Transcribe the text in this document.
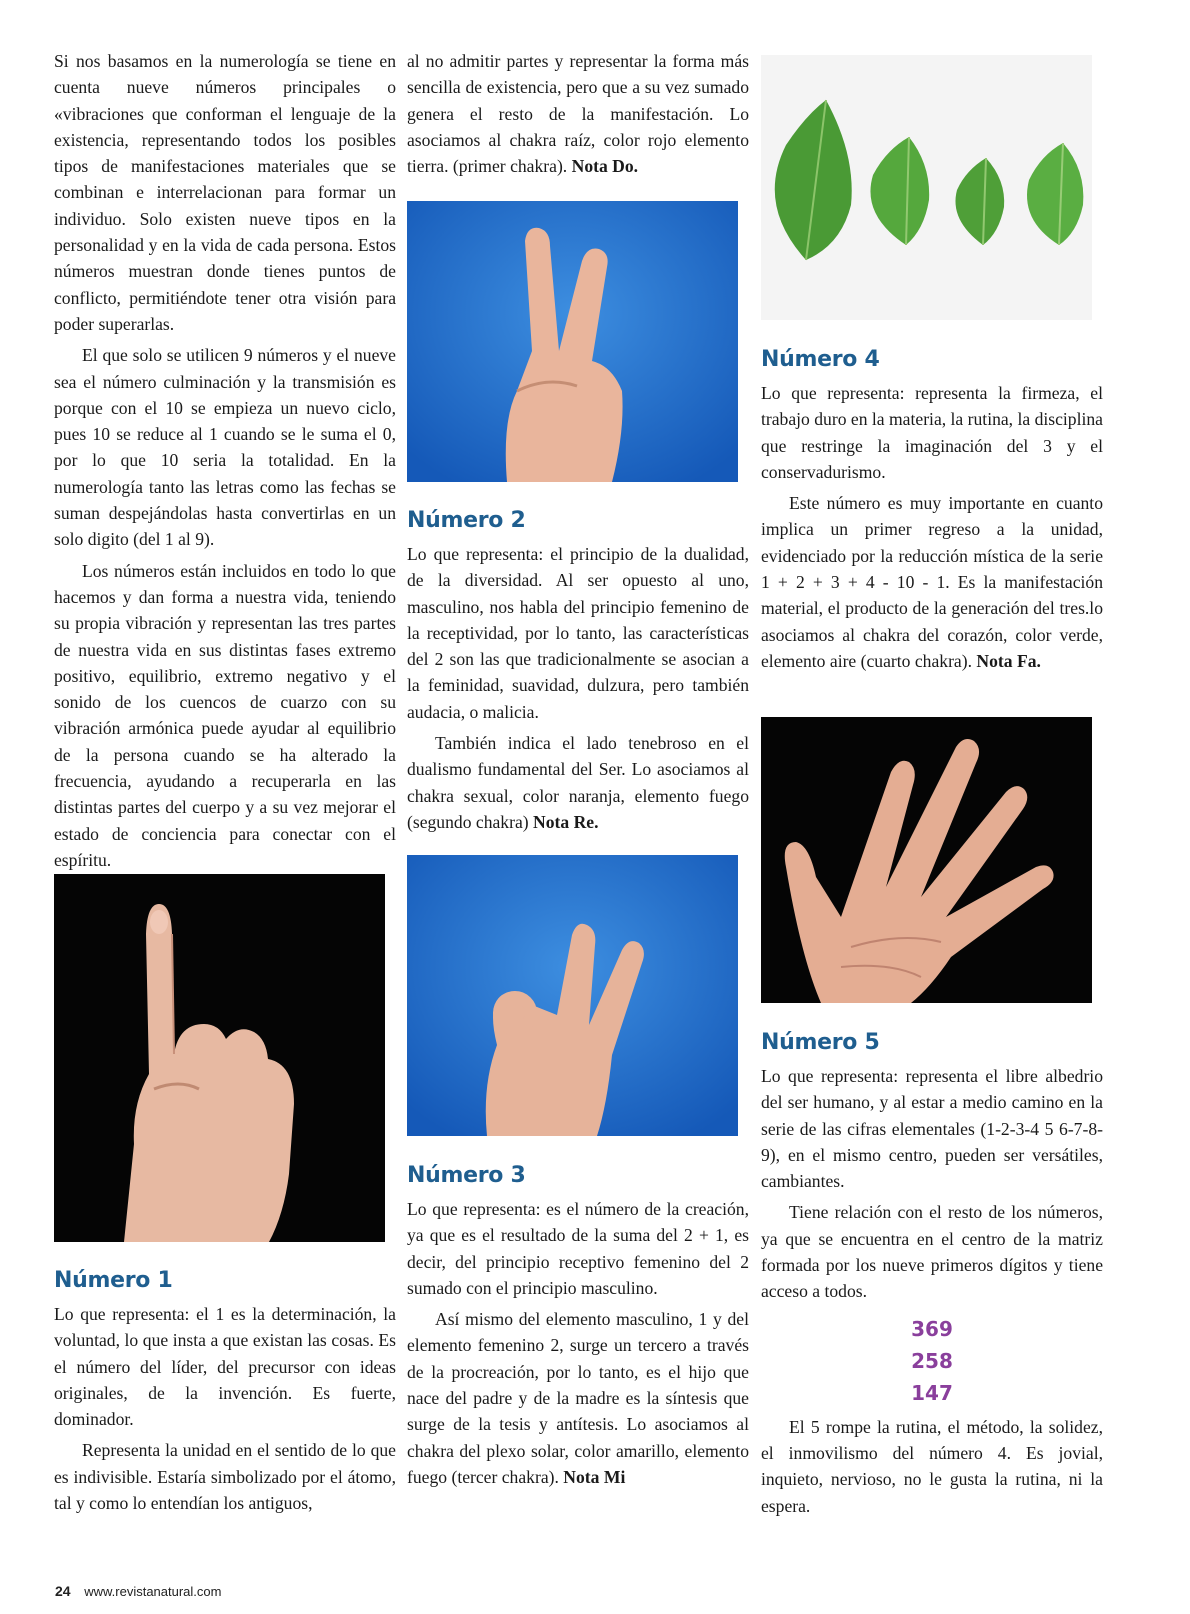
Si nos basamos en la numerología se tiene en cuenta nueve números principales o «vibraciones que conforman el lenguaje de la existencia, representando todos los posibles tipos de manifestaciones materiales que se combinan e interrelacionan para formar un individuo. Solo existen nueve tipos en la personalidad y en la vida de cada persona. Estos números muestran donde tienes puntos de conflicto, permitiéndote tener otra visión para poder superarlas.

El que solo se utilicen 9 números y el nueve sea el número culminación y la transmisión es porque con el 10 se empieza un nuevo ciclo, pues 10 se reduce al 1 cuando se le suma el 0, por lo que 10 seria la totalidad. En la numerología tanto las letras como las fechas se suman despejándolas hasta convertirlas en un solo digito (del 1 al 9).

Los números están incluidos en todo lo que hacemos y dan forma a nuestra vida, teniendo su propia vibración y representan las tres partes de nuestra vida en sus distintas fases extremo positivo, equilibrio, extremo negativo y el sonido de los cuencos de cuarzo con su vibración armónica puede ayudar al equilibrio de la persona cuando se ha alterado la frecuencia, ayudando a recuperarla en las distintas partes del cuerpo y a su vez mejorar el estado de conciencia para conectar con el espíritu.

Número 1

Lo que representa: el 1 es la determinación, la voluntad, lo que insta a que existan las cosas. Es el número del líder, del precursor con ideas originales, de la invención. Es fuerte, dominador.

Representa la unidad en el sentido de lo que es indivisible. Estaría simbolizado por el átomo, tal y como lo entendían los antiguos,

al no admitir partes y representar la forma más sencilla de existencia, pero que a su vez sumado genera el resto de la manifestación. Lo asociamos al chakra raíz, color rojo elemento tierra. (primer chakra). Nota Do.

Número 2

Lo que representa: el principio de la dualidad, de la diversidad. Al ser opuesto al uno, masculino, nos habla del principio femenino de la receptividad, por lo tanto, las características del 2 son las que tradicionalmente se asocian a la feminidad, suavidad, dulzura, pero también audacia, o malicia.

También indica el lado tenebroso en el dualismo fundamental del Ser. Lo asociamos al chakra sexual, color naranja, elemento fuego (segundo chakra) Nota Re.

Número 3

Lo que representa: es el número de la creación, ya que es el resultado de la suma del 2 + 1, es decir, del principio receptivo femenino del 2 sumado con el principio masculino.

Así mismo del elemento masculino, 1 y del elemento femenino 2, surge un tercero a través de la procreación, por lo tanto, es el hijo que nace del padre y de la madre es la síntesis que surge de la tesis y antítesis. Lo asociamos al chakra del plexo solar, color amarillo, elemento fuego (tercer chakra). Nota Mi

Número 4

Lo que representa: representa la firmeza, el trabajo duro en la materia, la rutina, la disciplina que restringe la imaginación del 3 y el conservadurismo.

Este número es muy importante en cuanto implica un primer regreso a la unidad, evidenciado por la reducción mística de la serie 1 + 2 + 3 + 4 - 10 - 1. Es la manifestación material, el producto de la generación del tres.lo asociamos al chakra del corazón, color verde, elemento aire (cuarto chakra). Nota Fa.

Número 5

Lo que representa: representa el libre albedrio del ser humano, y al estar a medio camino en la serie de las cifras elementales (1-2-3-4 5 6-7-8-9), en el mismo centro, pueden ser versátiles, cambiantes.

Tiene relación con el resto de los números, ya que se encuentra en el centro de la matriz formada por los nueve primeros dígitos y tiene acceso a todos.

369
258
147

El 5 rompe la rutina, el método, la solidez, el inmovilismo del número 4. Es jovial, inquieto, nervioso, no le gusta la rutina, ni la espera.

24 www.revistanatural.com
